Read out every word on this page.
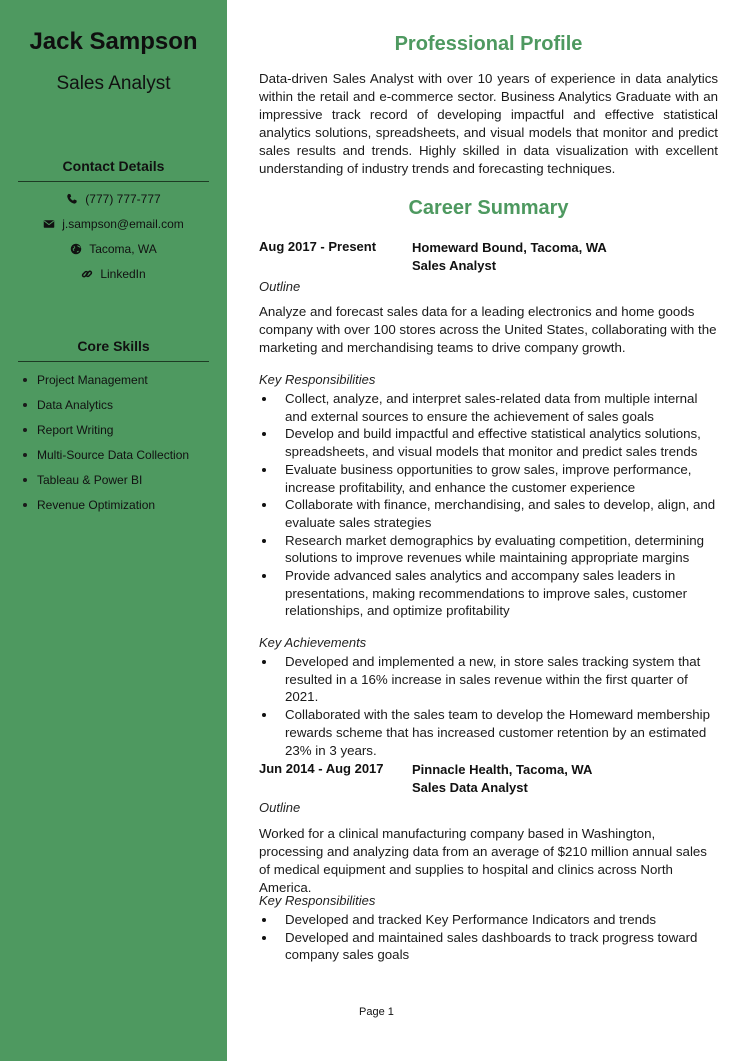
Jack Sampson
Sales Analyst
Contact Details
(777) 777-777
j.sampson@email.com
Tacoma, WA
LinkedIn
Core Skills
Project Management
Data Analytics
Report Writing
Multi-Source Data Collection
Tableau & Power BI
Revenue Optimization
Professional Profile
Data-driven Sales Analyst with over 10 years of experience in data analytics within the retail and e-commerce sector. Business Analytics Graduate with an impressive track record of developing impactful and effective statistical analytics solutions, spreadsheets, and visual models that monitor and predict sales results and trends. Highly skilled in data visualization with excellent understanding of industry trends and forecasting techniques.
Career Summary
Aug 2017 - Present	Homeward Bound, Tacoma, WA
Sales Analyst
Outline
Analyze and forecast sales data for a leading electronics and home goods company with over 100 stores across the United States, collaborating with the marketing and merchandising teams to drive company growth.
Key Responsibilities
Collect, analyze, and interpret sales-related data from multiple internal and external sources to ensure the achievement of sales goals
Develop and build impactful and effective statistical analytics solutions, spreadsheets, and visual models that monitor and predict sales trends
Evaluate business opportunities to grow sales, improve performance, increase profitability, and enhance the customer experience
Collaborate with finance, merchandising, and sales to develop, align, and evaluate sales strategies
Research market demographics by evaluating competition, determining solutions to improve revenues while maintaining appropriate margins
Provide advanced sales analytics and accompany sales leaders in presentations, making recommendations to improve sales, customer relationships, and optimize profitability
Key Achievements
Developed and implemented a new, in store sales tracking system that resulted in a 16% increase in sales revenue within the first quarter of 2021.
Collaborated with the sales team to develop the Homeward membership rewards scheme that has increased customer retention by an estimated 23% in 3 years.
Jun 2014 - Aug 2017 Pinnacle Health, Tacoma, WA
Sales Data Analyst
Outline
Worked for a clinical manufacturing company based in Washington, processing and analyzing data from an average of $210 million annual sales of medical equipment and supplies to hospital and clinics across North America.
Key Responsibilities
Developed and tracked Key Performance Indicators and trends
Developed and maintained sales dashboards to track progress toward company sales goals
Page 1
